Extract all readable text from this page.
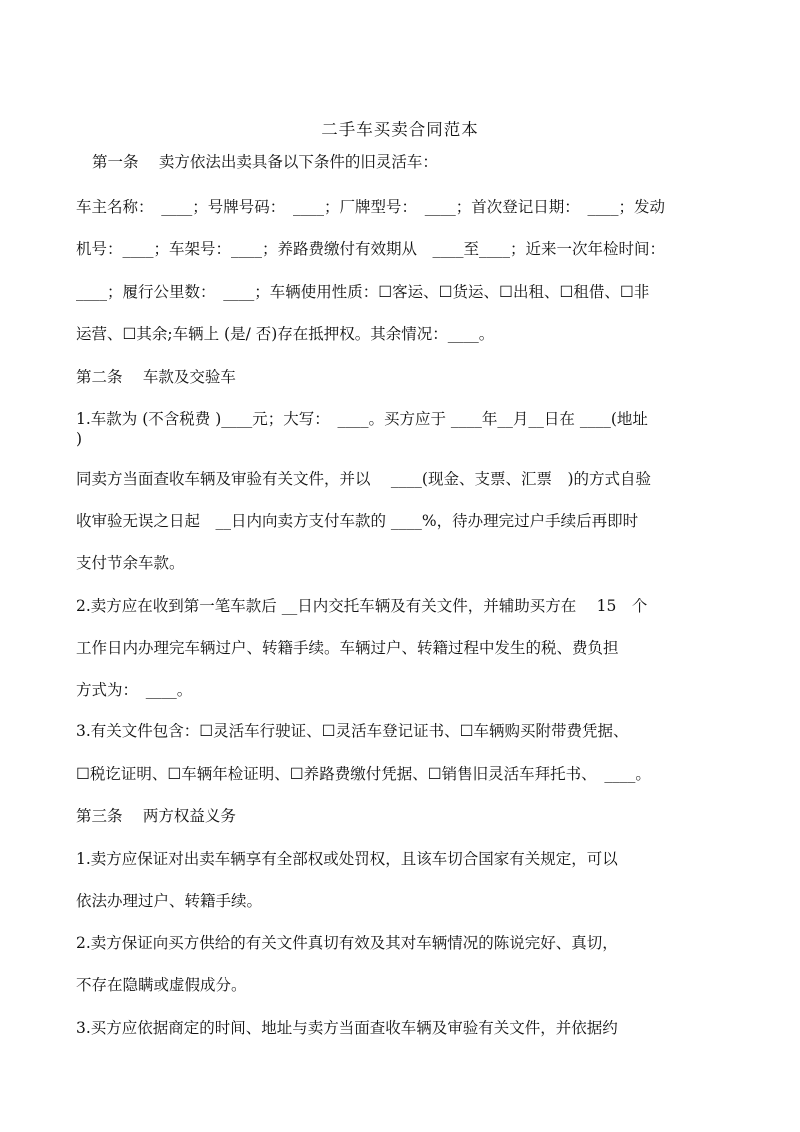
二手车买卖合同范本
第一条　 卖方依法出卖具备以下条件的旧灵活车：
车主名称：　____；号牌号码：　____；厂牌型号：　____；首次登记日期：　____；发动
机号：____；车架号：____；养路费缴付有效期从　____至____；近来一次年检时间：
____；履行公里数：　____；车辆使用性质：☐客运、☐货运、☐出租、☐租借、☐非
运营、☐其余;车辆上 (是/ 否)存在抵押权。其余情况：____。
第二条　 车款及交验车
1.车款为 (不含税费 )____元；大写：　____。买方应于 ____年__月__日在 ____(地址
)
同卖方当面查收车辆及审验有关文件，并以　 ____(现金、支票、汇票　)的方式自验
收审验无误之日起　__日内向卖方支付车款的 ____%，待办理完过户手续后再即时
支付节余车款。
2.卖方应在收到第一笔车款后 __日内交托车辆及有关文件，并辅助买方在　 15　个
工作日内办理完车辆过户、转籍手续。车辆过户、转籍过程中发生的税、费负担
方式为：　____。
3.有关文件包含：☐灵活车行驶证、☐灵活车登记证书、☐车辆购买附带费凭据、
☐税讫证明、☐车辆年检证明、☐养路费缴付凭据、☐销售旧灵活车拜托书、　____。
第三条　 两方权益义务
1.卖方应保证对出卖车辆享有全部权或处罚权，且该车切合国家有关规定，可以
依法办理过户、转籍手续。
2.卖方保证向买方供给的有关文件真切有效及其对车辆情况的陈说完好、真切，
不存在隐瞒或虚假成分。
3.买方应依据商定的时间、地址与卖方当面查收车辆及审验有关文件，并依据约
